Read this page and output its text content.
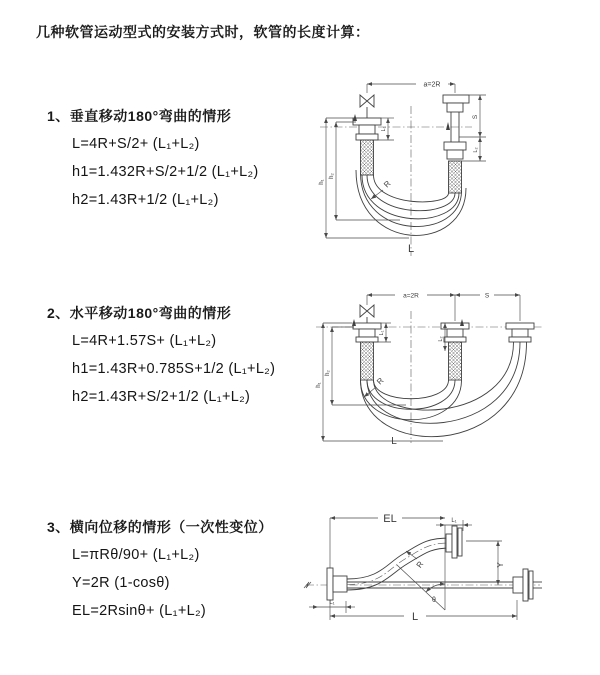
几种软管运动型式的安装方式时，软管的长度计算：
1、垂直移动180°弯曲的情形
L=4R+S/2+ (L₁+L₂)
h1=1.432R+S/2+1/2 (L₁+L₂)
h2=1.43R+1/2 (L₁+L₂)
a=2R
S
L₂
L₁
h₁
h₂
R
L
2、水平移动180°弯曲的情形
L=4R+1.57S+ (L₁+L₂)
h1=1.43R+0.785S+1/2 (L₁+L₂)
h2=1.43R+S/2+1/2 (L₁+L₂)
a=2R	S
L₁
L₂
h₁
h₂
R
L
3、横向位移的情形（一次性变位）
L=πRθ/90+ (L₁+L₂)
Y=2R (1-cosθ)
EL=2Rsinθ+ (L₁+L₂)
EL	L₁
Y
θ
R
L₁
L
